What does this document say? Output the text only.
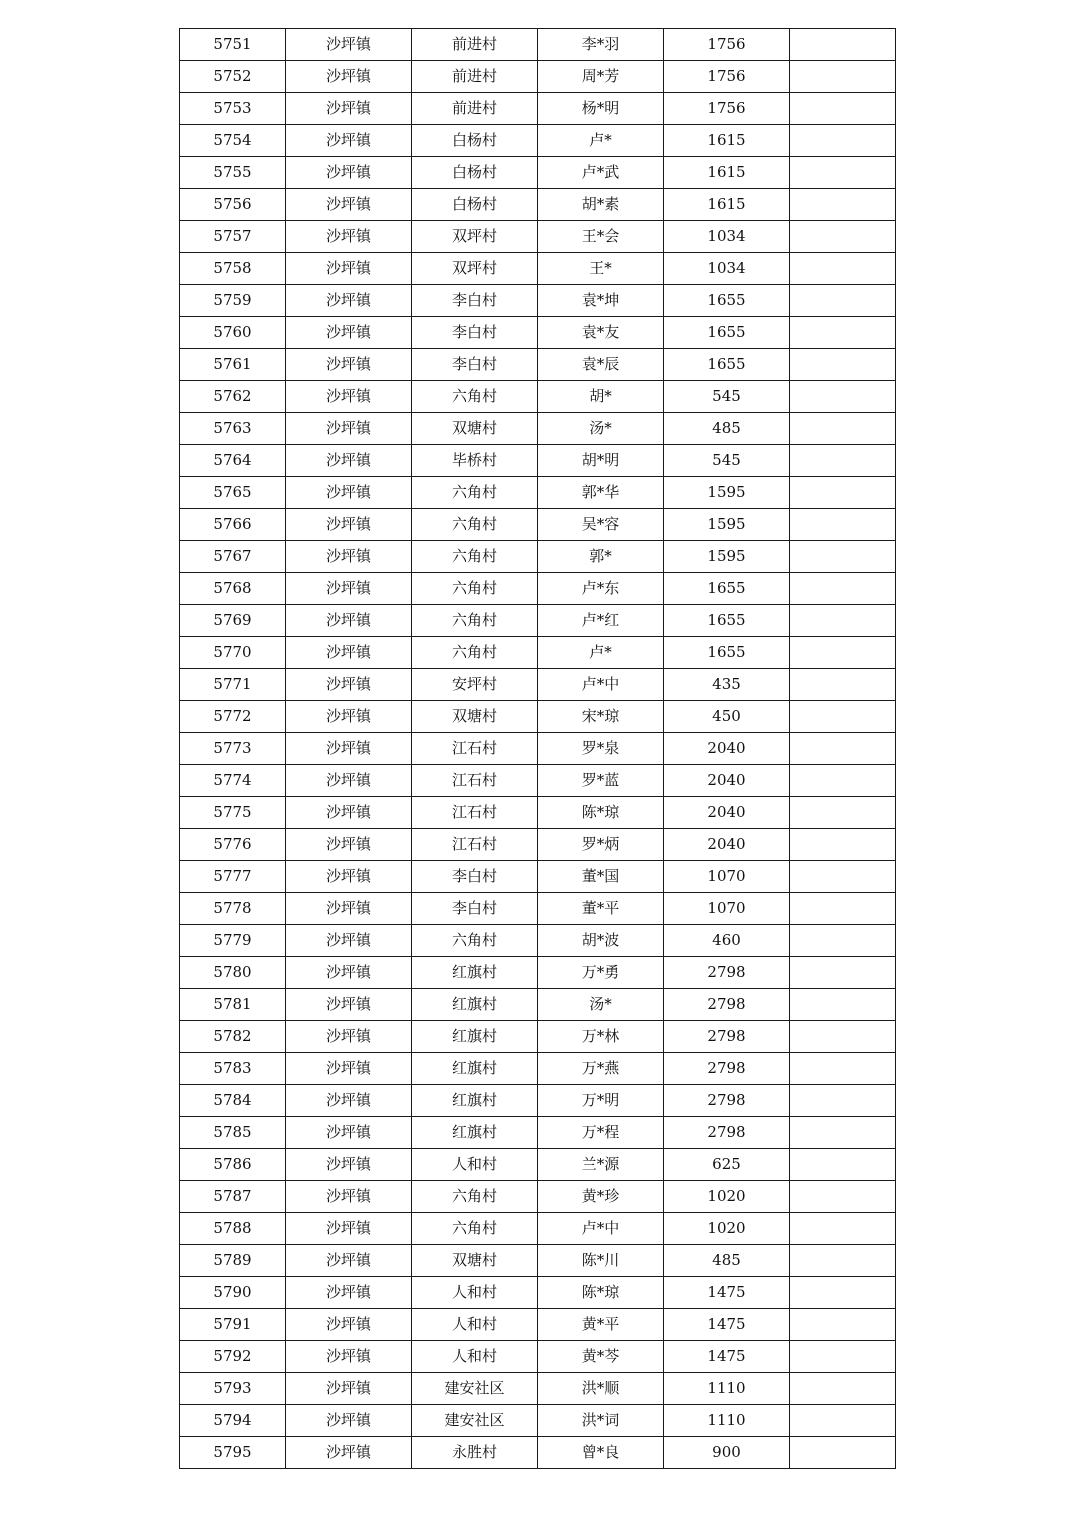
5751	沙坪镇	前进村	李*羽	1756	
5752	沙坪镇	前进村	周*芳	1756	
5753	沙坪镇	前进村	杨*明	1756	
5754	沙坪镇	白杨村	卢*	1615	
5755	沙坪镇	白杨村	卢*武	1615	
5756	沙坪镇	白杨村	胡*素	1615	
5757	沙坪镇	双坪村	王*会	1034	
5758	沙坪镇	双坪村	王*	1034	
5759	沙坪镇	李白村	袁*坤	1655	
5760	沙坪镇	李白村	袁*友	1655	
5761	沙坪镇	李白村	袁*辰	1655	
5762	沙坪镇	六角村	胡*	545	
5763	沙坪镇	双塘村	汤*	485	
5764	沙坪镇	毕桥村	胡*明	545	
5765	沙坪镇	六角村	郭*华	1595	
5766	沙坪镇	六角村	吴*容	1595	
5767	沙坪镇	六角村	郭*	1595	
5768	沙坪镇	六角村	卢*东	1655	
5769	沙坪镇	六角村	卢*红	1655	
5770	沙坪镇	六角村	卢*	1655	
5771	沙坪镇	安坪村	卢*中	435	
5772	沙坪镇	双塘村	宋*琼	450	
5773	沙坪镇	江石村	罗*泉	2040	
5774	沙坪镇	江石村	罗*蓝	2040	
5775	沙坪镇	江石村	陈*琼	2040	
5776	沙坪镇	江石村	罗*炳	2040	
5777	沙坪镇	李白村	董*国	1070	
5778	沙坪镇	李白村	董*平	1070	
5779	沙坪镇	六角村	胡*波	460	
5780	沙坪镇	红旗村	万*勇	2798	
5781	沙坪镇	红旗村	汤*	2798	
5782	沙坪镇	红旗村	万*林	2798	
5783	沙坪镇	红旗村	万*燕	2798	
5784	沙坪镇	红旗村	万*明	2798	
5785	沙坪镇	红旗村	万*程	2798	
5786	沙坪镇	人和村	兰*源	625	
5787	沙坪镇	六角村	黄*珍	1020	
5788	沙坪镇	六角村	卢*中	1020	
5789	沙坪镇	双塘村	陈*川	485	
5790	沙坪镇	人和村	陈*琼	1475	
5791	沙坪镇	人和村	黄*平	1475	
5792	沙坪镇	人和村	黄*芩	1475	
5793	沙坪镇	建安社区	洪*顺	1110	
5794	沙坪镇	建安社区	洪*词	1110	
5795	沙坪镇	永胜村	曾*良	900	
